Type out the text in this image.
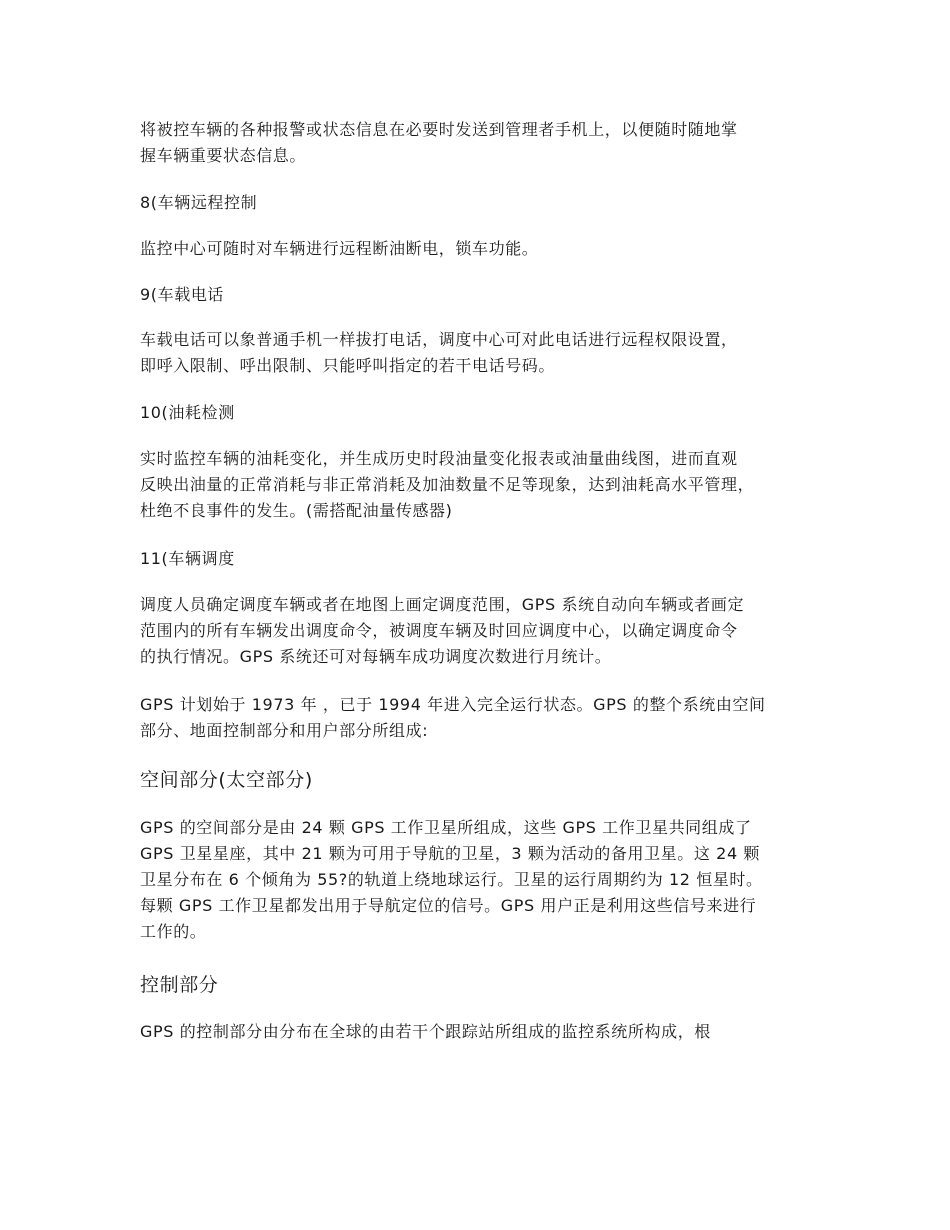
将被控车辆的各种报警或状态信息在必要时发送到管理者手机上，以便随时随地掌
握车辆重要状态信息。

8(车辆远程控制

监控中心可随时对车辆进行远程断油断电，锁车功能。

9(车载电话

车载电话可以象普通手机一样拔打电话，调度中心可对此电话进行远程权限设置，
即呼入限制、呼出限制、只能呼叫指定的若干电话号码。

10(油耗检测

实时监控车辆的油耗变化，并生成历史时段油量变化报表或油量曲线图，进而直观
反映出油量的正常消耗与非正常消耗及加油数量不足等现象，达到油耗高水平管理，
杜绝不良事件的发生。(需搭配油量传感器)

11(车辆调度

调度人员确定调度车辆或者在地图上画定调度范围，GPS 系统自动向车辆或者画定
范围内的所有车辆发出调度命令，被调度车辆及时回应调度中心，以确定调度命令
的执行情况。GPS 系统还可对每辆车成功调度次数进行月统计。

GPS 计划始于 1973 年 ，已于 1994 年进入完全运行状态。GPS 的整个系统由空间
部分、地面控制部分和用户部分所组成:

空间部分(太空部分)

GPS 的空间部分是由 24 颗 GPS 工作卫星所组成，这些 GPS 工作卫星共同组成了
GPS 卫星星座，其中 21 颗为可用于导航的卫星，3 颗为活动的备用卫星。这 24 颗
卫星分布在 6 个倾角为 55?的轨道上绕地球运行。卫星的运行周期约为 12 恒星时。
每颗 GPS 工作卫星都发出用于导航定位的信号。GPS 用户正是利用这些信号来进行
工作的。

控制部分

GPS 的控制部分由分布在全球的由若干个跟踪站所组成的监控系统所构成，根
